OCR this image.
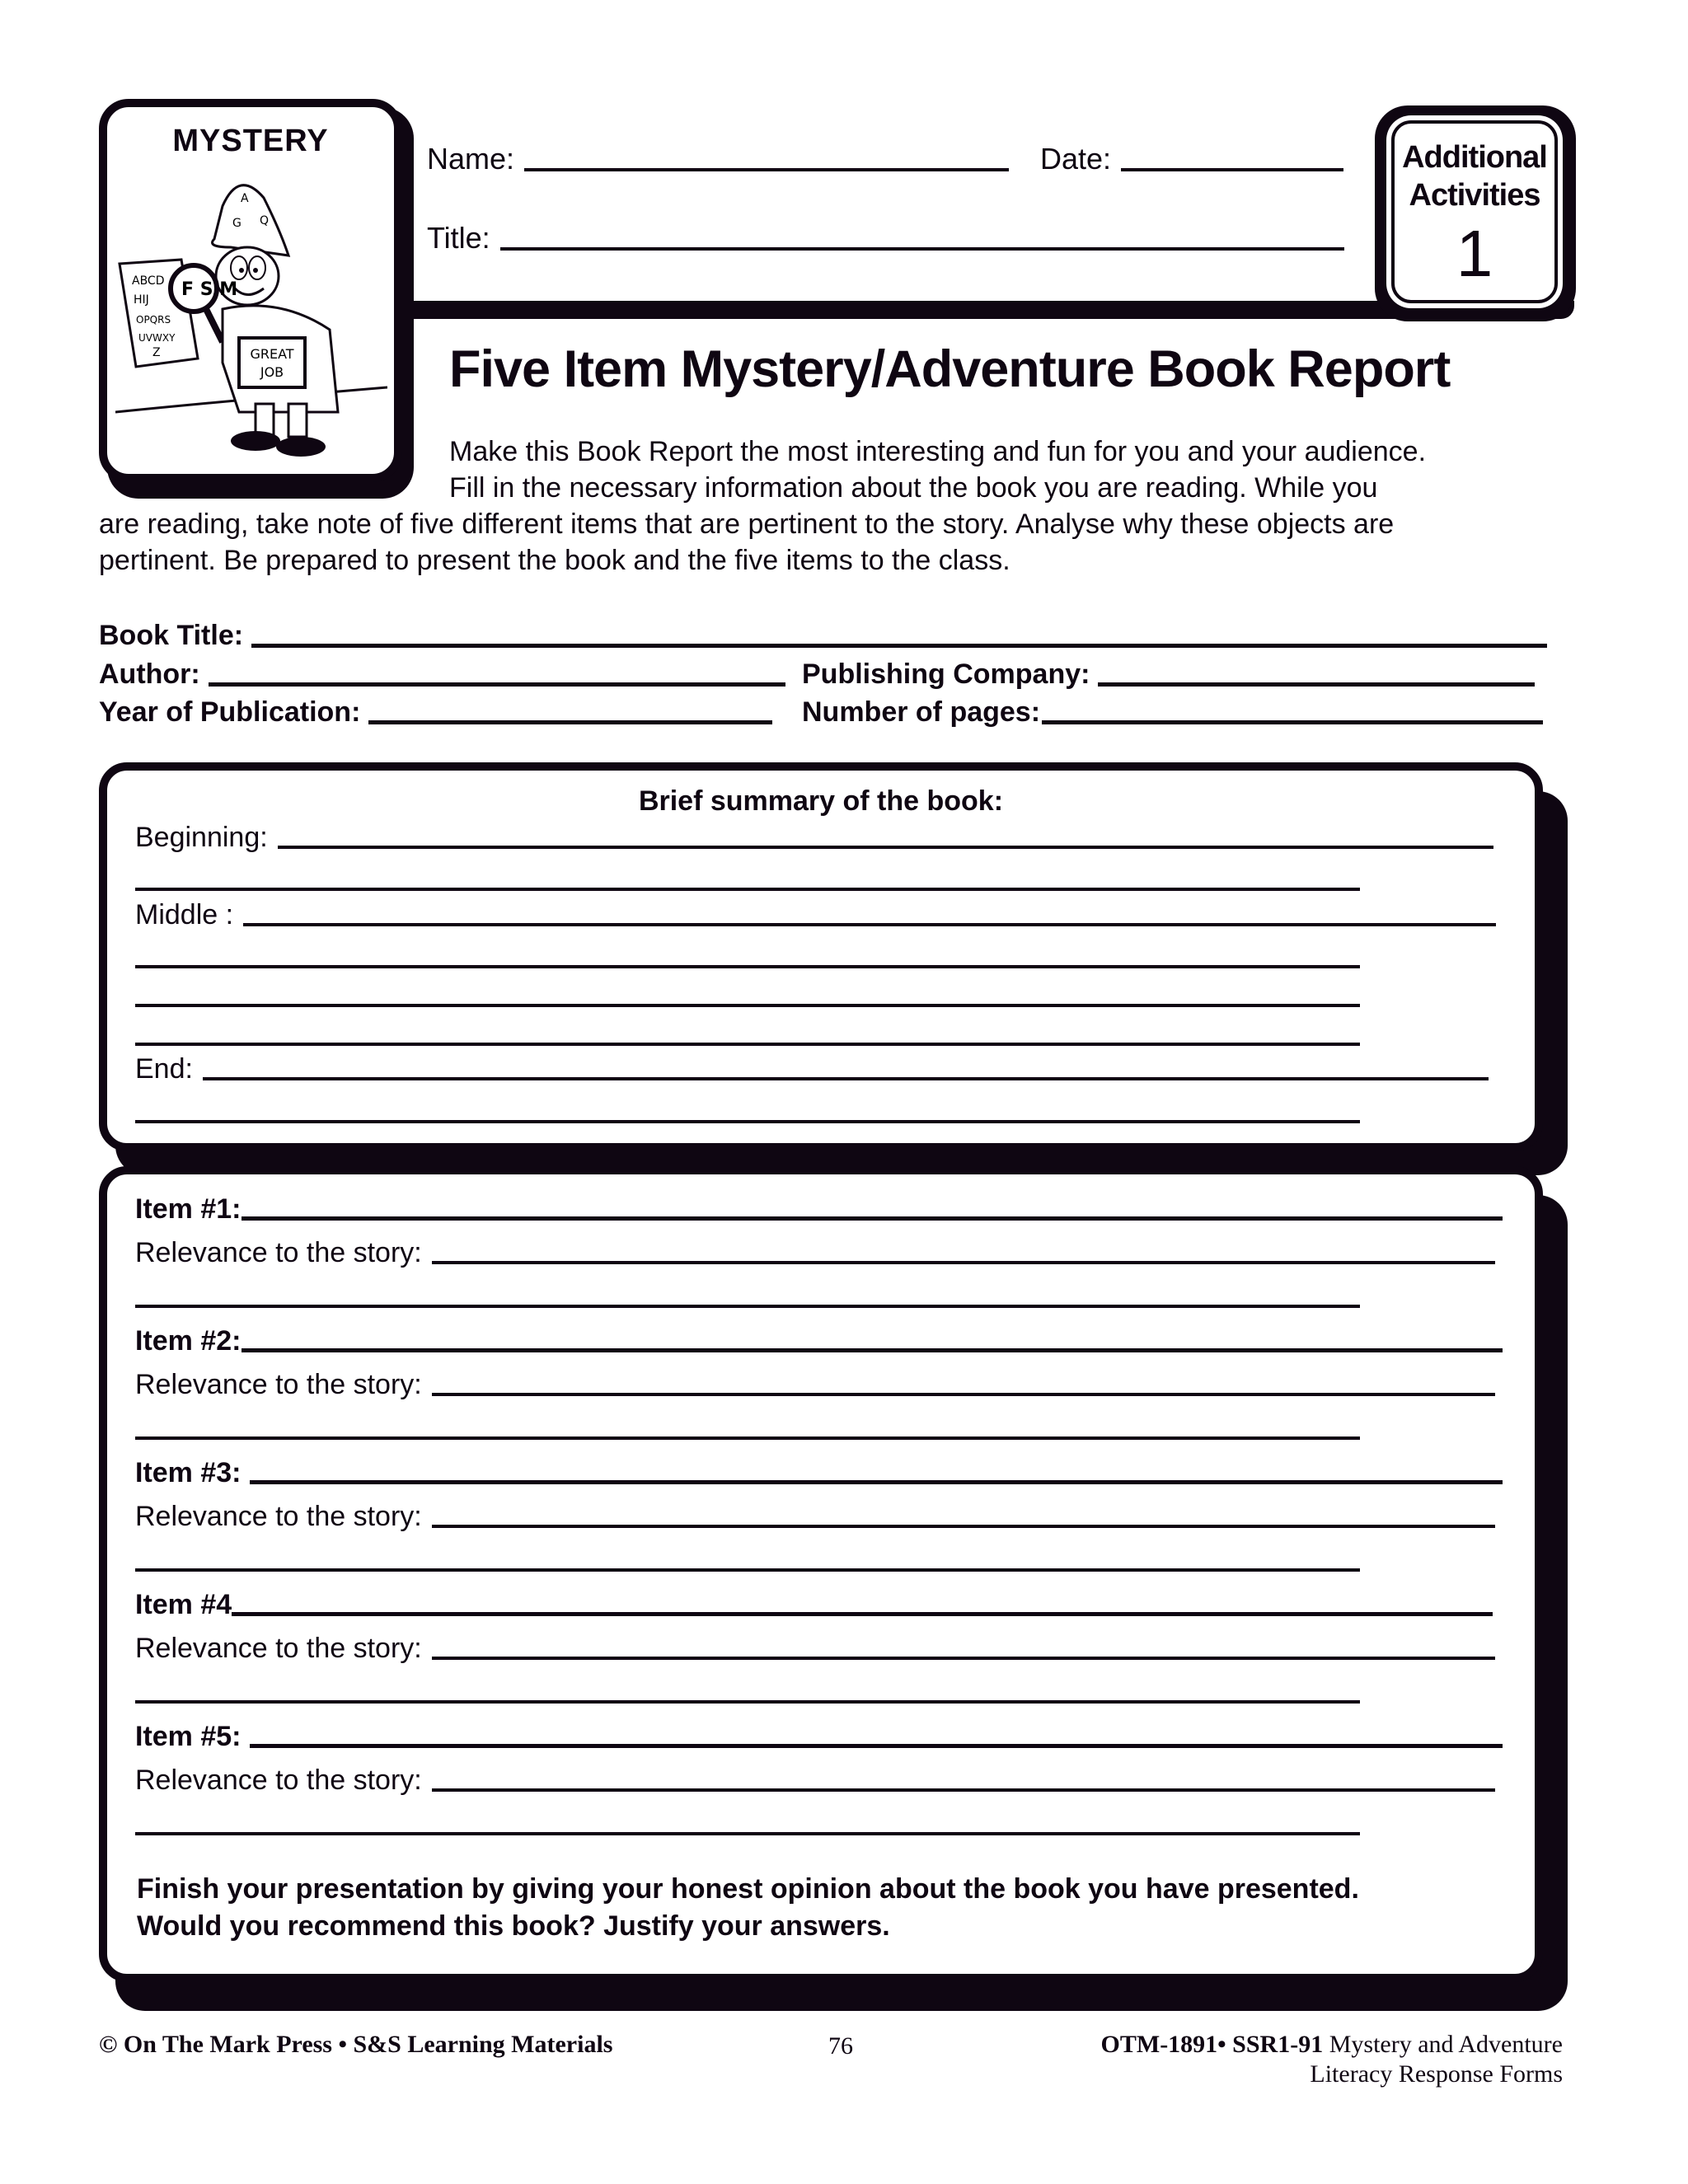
MYSTERY
ABCD
HIJ
OPQRS
UVWXY
Z
A
G Q
F S M
GREAT
JOB
Name:	Date:
Title:
Additional
Activities
1
Five Item Mystery/Adventure Book Report
Make this Book Report the most interesting and fun for you and your audience.
Fill in the necessary information about the book you are reading. While you
are reading, take note of five different items that are pertinent to the story. Analyse why these objects are
pertinent. Be prepared to present the book and the five items to the class.
Book Title:
Author:	Publishing Company:
Year of Publication:	Number of pages:
Brief summary of the book:
Beginning:
Middle :
End:
Item #1:
Relevance to the story:
Item #2:
Relevance to the story:
Item #3:
Relevance to the story:
Item #4
Relevance to the story:
Item #5:
Relevance to the story:
Finish your presentation by giving your honest opinion about the book you have presented.
Would you recommend this book? Justify your answers.
© On The Mark Press • S&S Learning Materials	76	OTM-1891• SSR1-91 Mystery and Adventure
Literacy Response Forms
